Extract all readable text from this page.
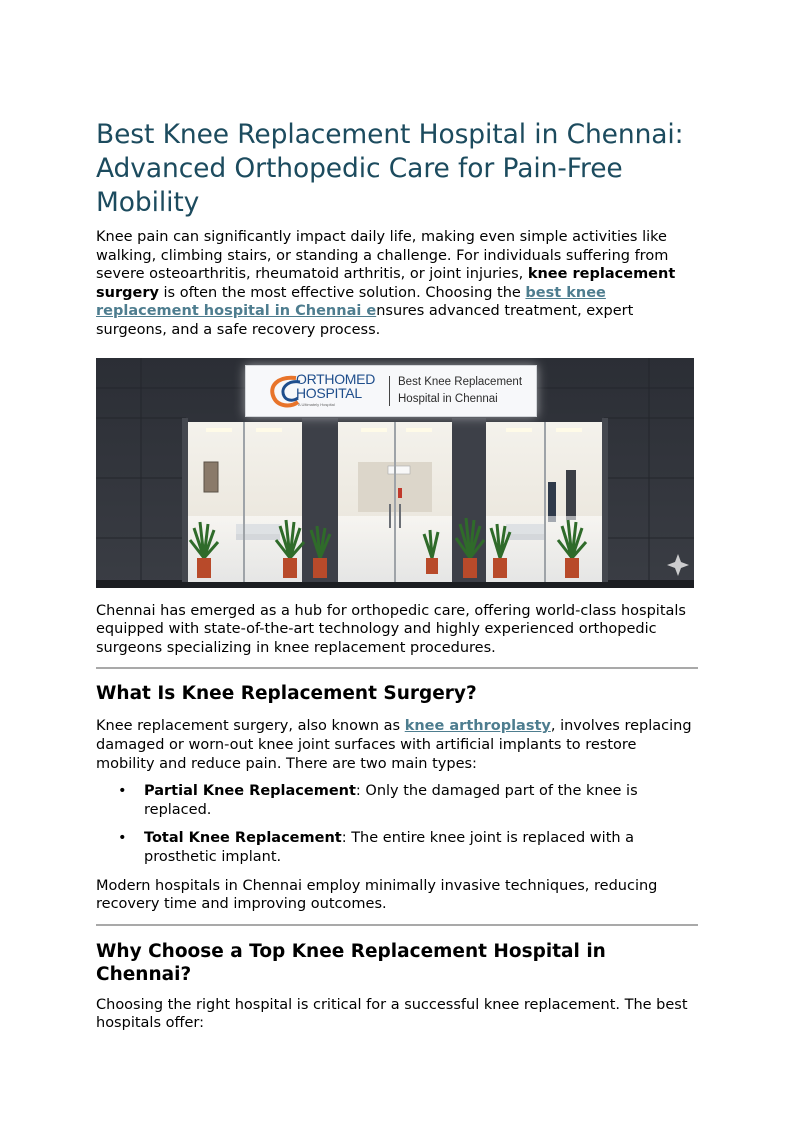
Best Knee Replacement Hospital in Chennai: Advanced Orthopedic Care for Pain-Free Mobility

Knee pain can significantly impact daily life, making even simple activities like walking, climbing stairs, or standing a challenge. For individuals suffering from severe osteoarthritis, rheumatoid arthritis, or joint injuries, knee replacement surgery is often the most effective solution. Choosing the best knee replacement hospital in Chennai ensures advanced treatment, expert surgeons, and a safe recovery process.

ORTHOMED
HOSPITAL
A Ultimately Hospital
Best Knee Replacement
Hospital in Chennai

Chennai has emerged as a hub for orthopedic care, offering world-class hospitals equipped with state-of-the-art technology and highly experienced orthopedic surgeons specializing in knee replacement procedures.

What Is Knee Replacement Surgery?

Knee replacement surgery, also known as knee arthroplasty, involves replacing damaged or worn-out knee joint surfaces with artificial implants to restore mobility and reduce pain. There are two main types:

• Partial Knee Replacement: Only the damaged part of the knee is replaced.
• Total Knee Replacement: The entire knee joint is replaced with a prosthetic implant.

Modern hospitals in Chennai employ minimally invasive techniques, reducing recovery time and improving outcomes.

Why Choose a Top Knee Replacement Hospital in Chennai?

Choosing the right hospital is critical for a successful knee replacement. The best hospitals offer:
